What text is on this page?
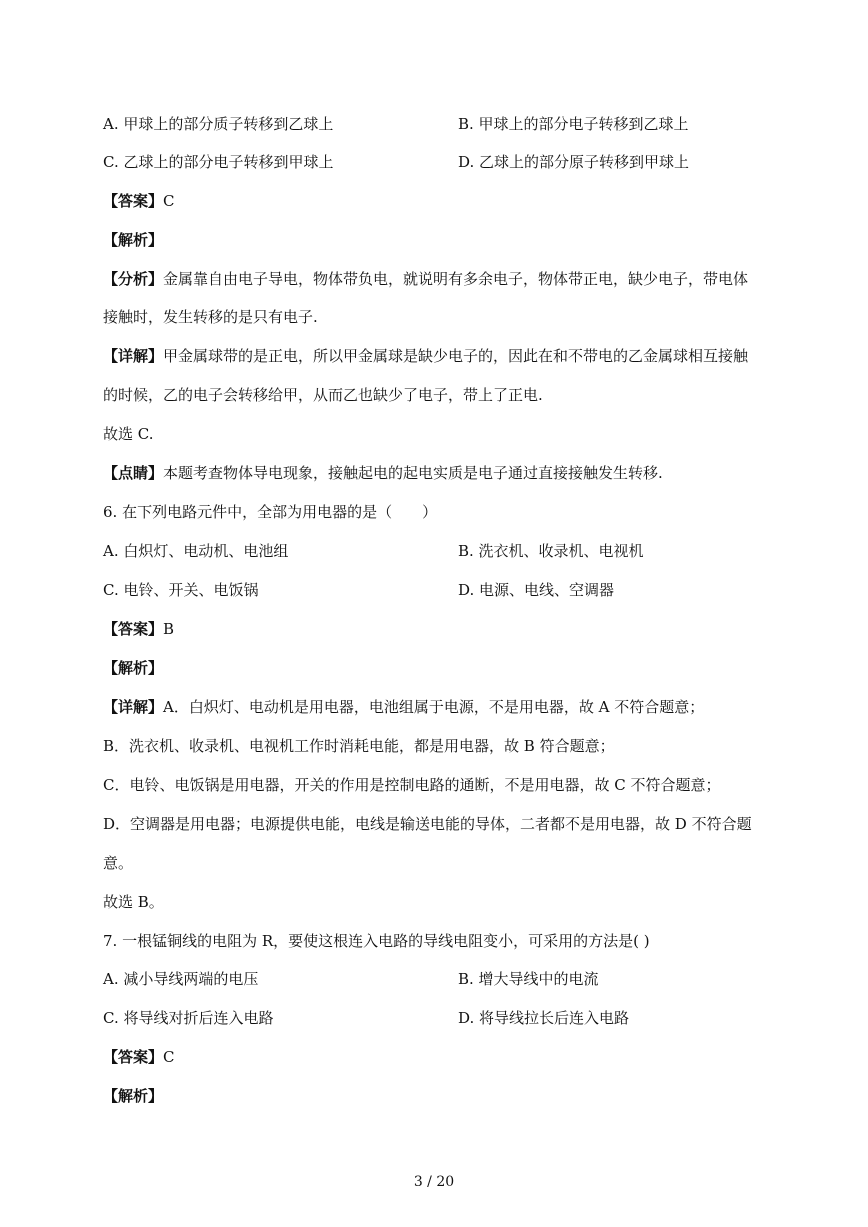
A. 甲球上的部分质子转移到乙球上	B. 甲球上的部分电子转移到乙球上
C. 乙球上的部分电子转移到甲球上	D. 乙球上的部分原子转移到甲球上
【答案】C
【解析】
【分析】金属靠自由电子导电，物体带负电，就说明有多余电子，物体带正电，缺少电子，带电体
接触时，发生转移的是只有电子.
【详解】甲金属球带的是正电，所以甲金属球是缺少电子的，因此在和不带电的乙金属球相互接触
的时候，乙的电子会转移给甲，从而乙也缺少了电子，带上了正电.
故选 C.
【点睛】本题考查物体导电现象，接触起电的起电实质是电子通过直接接触发生转移.
6. 在下列电路元件中，全部为用电器的是（　　）
A. 白炽灯、电动机、电池组	B. 洗衣机、收录机、电视机
C. 电铃、开关、电饭锅	D. 电源、电线、空调器
【答案】B
【解析】
【详解】A．白炽灯、电动机是用电器，电池组属于电源，不是用电器，故 A 不符合题意；
B．洗衣机、收录机、电视机工作时消耗电能，都是用电器，故 B 符合题意；
C．电铃、电饭锅是用电器，开关的作用是控制电路的通断，不是用电器，故 C 不符合题意；
D．空调器是用电器；电源提供电能，电线是输送电能的导体，二者都不是用电器，故 D 不符合题
意。
故选 B。
7. 一根锰铜线的电阻为 R，要使这根连入电路的导线电阻变小，可采用的方法是( )
A. 减小导线两端的电压	B. 增大导线中的电流
C. 将导线对折后连入电路	D. 将导线拉长后连入电路
【答案】C
【解析】
3 / 20
